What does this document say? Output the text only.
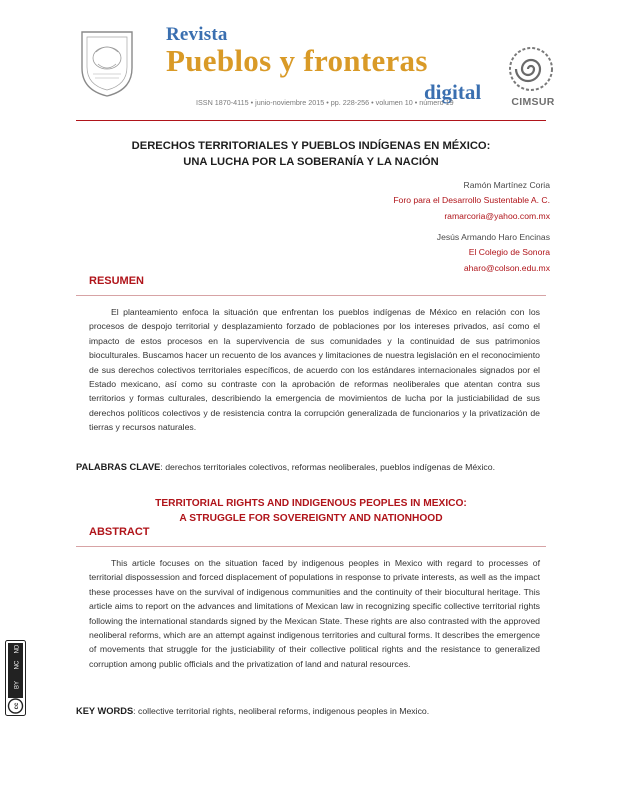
Revista
Pueblos y fronteras
digital
ISSN 1870-4115 • junio-noviembre 2015 • pp. 228-256 • volumen 10 • número 19	CIMSUR
DERECHOS TERRITORIALES Y PUEBLOS INDÍGENAS EN MÉXICO:
UNA LUCHA POR LA SOBERANÍA Y LA NACIÓN
Ramón Martínez Coria
Foro para el Desarrollo Sustentable A. C.
ramarcoria@yahoo.com.mx
Jesús Armando Haro Encinas
El Colegio de Sonora
aharo@colson.edu.mx
RESUMEN

El planteamiento enfoca la situación que enfrentan los pueblos indígenas de México en relación con los procesos de despojo territorial y desplazamiento forzado de poblaciones por los intereses privados, así como el impacto de estos procesos en la supervivencia de sus comunidades y la continuidad de sus patrimonios bioculturales. Buscamos hacer un recuento de los avances y limitaciones de nuestra legislación en el reconocimiento de sus derechos colectivos territoriales específicos, de acuerdo con los estándares internacionales signados por el Estado mexicano, así como su contraste con la aprobación de reformas neoliberales que atentan contra sus territorios y formas culturales, describiendo la emergencia de movimientos de lucha por la justiciabilidad de sus derechos políticos colectivos y de resistencia contra la corrupción generalizada de funcionarios y la privatización de tierras y recursos naturales.

PALABRAS CLAVE: derechos territoriales colectivos, reformas neoliberales, pueblos indígenas de México.
TERRITORIAL RIGHTS AND INDIGENOUS PEOPLES IN MEXICO:
A STRUGGLE FOR SOVEREIGNTY AND NATIONHOOD
ABSTRACT

This article focuses on the situation faced by indigenous peoples in Mexico with regard to processes of territorial dispossession and forced displacement of populations in response to private interests, as well as the impact these processes have on the survival of indigenous communities and the continuity of their biocultural heritage. This article aims to report on the advances and limitations of Mexican law in recognizing specific collective territorial rights following the international standards signed by the Mexican State. These rights are also contrasted with the approved neoliberal reforms, which are an attempt against indigenous territories and cultural forms. It describes the emergence of movements that struggle for the justiciability of their collective political rights and the resistance to generalized corruption among public officials and the privatization of land and natural resources.

KEY WORDS: collective territorial rights, neoliberal reforms, indigenous peoples in Mexico.
ND
NC
BY
cc
